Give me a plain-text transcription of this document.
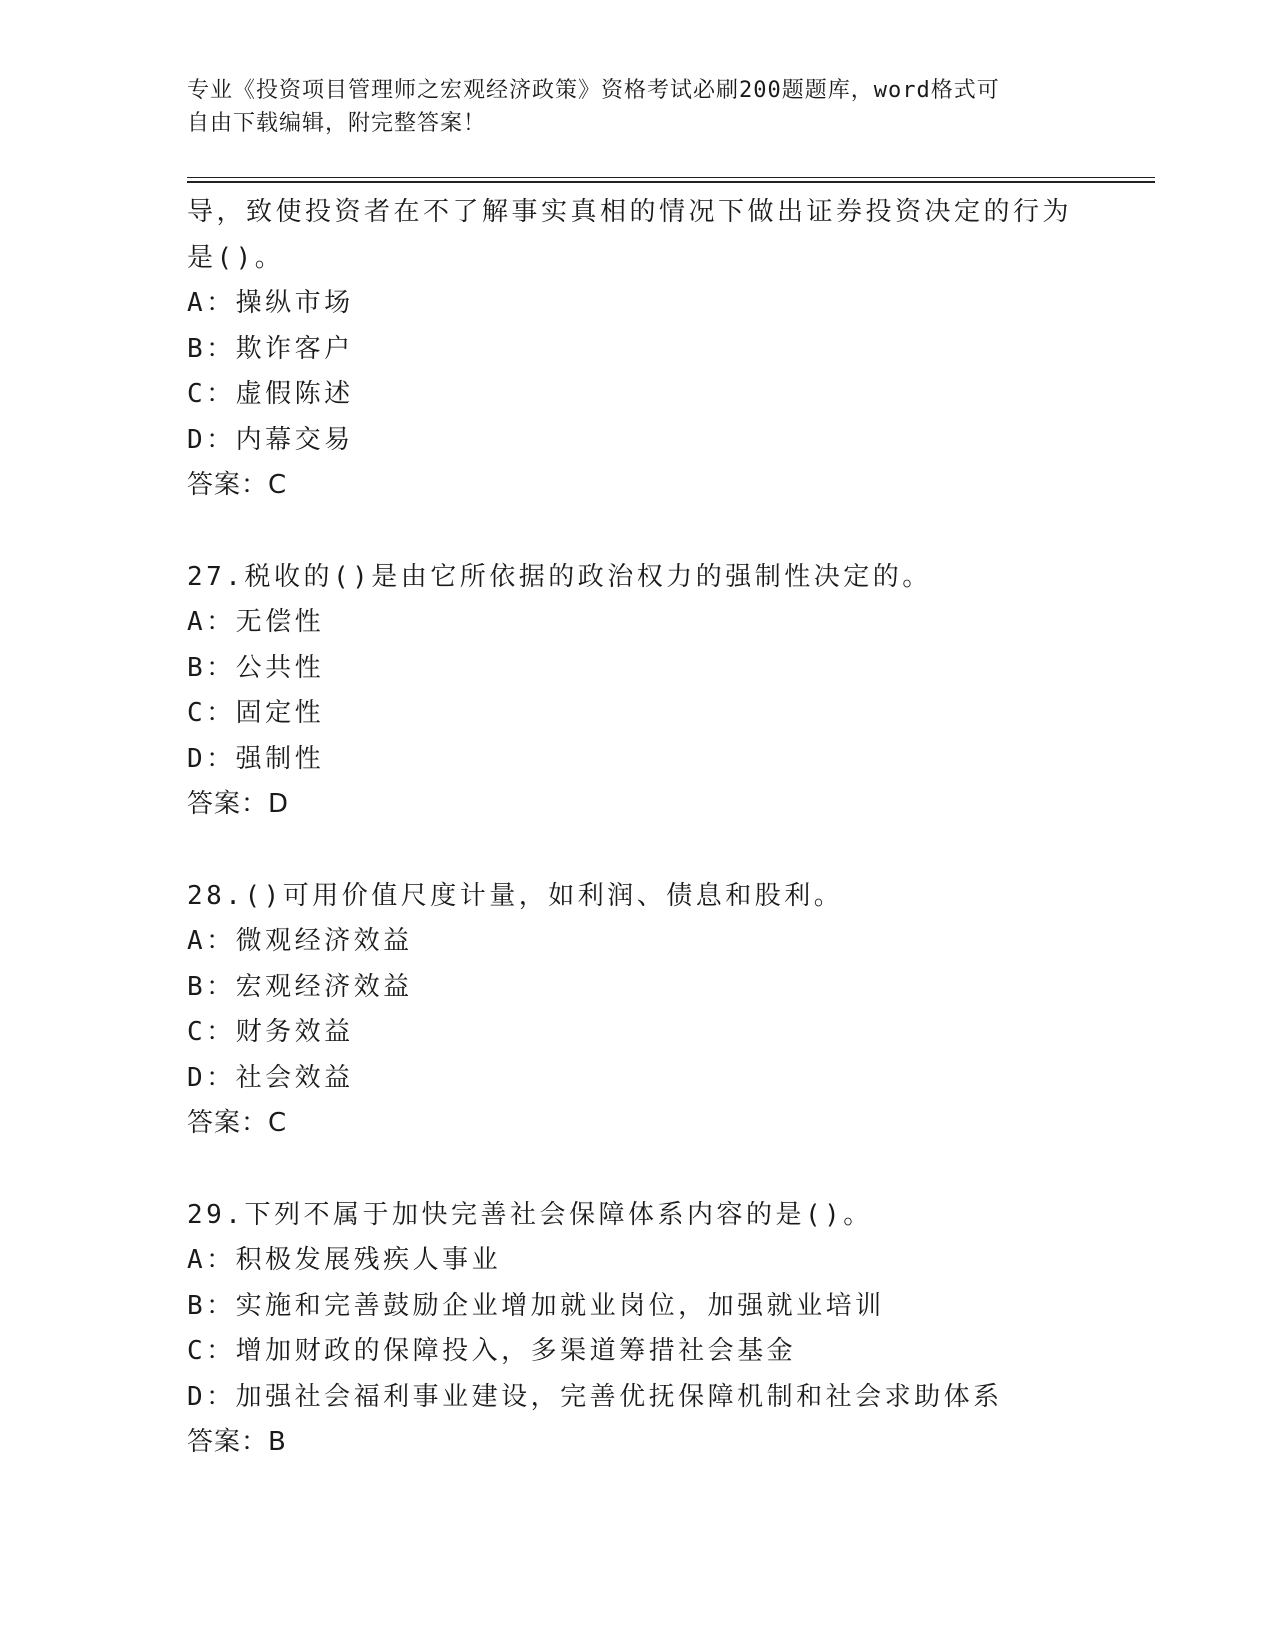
专业《投资项目管理师之宏观经济政策》资格考试必刷200题题库，word格式可
自由下载编辑，附完整答案！
导，致使投资者在不了解事实真相的情况下做出证券投资决定的行为
是()。
A：操纵市场
B：欺诈客户
C：虚假陈述
D：内幕交易
答案：C
27.税收的()是由它所依据的政治权力的强制性决定的。
A：无偿性
B：公共性
C：固定性
D：强制性
答案：D
28.()可用价值尺度计量，如利润、债息和股利。
A：微观经济效益
B：宏观经济效益
C：财务效益
D：社会效益
答案：C
29.下列不属于加快完善社会保障体系内容的是()。
A：积极发展残疾人事业
B：实施和完善鼓励企业增加就业岗位，加强就业培训
C：增加财政的保障投入，多渠道筹措社会基金
D：加强社会福利事业建设，完善优抚保障机制和社会求助体系
答案：B
